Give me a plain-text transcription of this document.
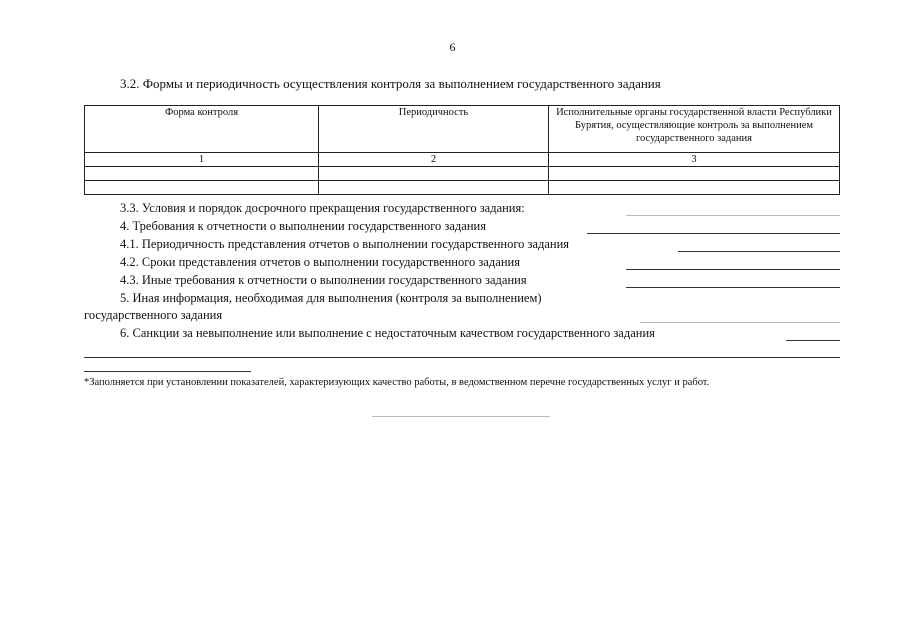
6
3.2. Формы и периодичность осуществления контроля за выполнением государственного задания
Форма контроля	Периодичность	Исполнительные органы государственной власти Республики Бурятия, осуществляющие контроль за выполнением государственного задания
1	2	3

3.3. Условия и порядок досрочного прекращения государственного задания:
4. Требования к отчетности о выполнении государственного задания
4.1. Периодичность представления отчетов о выполнении государственного задания
4.2. Сроки представления отчетов о выполнении государственного задания
4.3. Иные требования к отчетности о выполнении государственного задания
5. Иная информация, необходимая для выполнения (контроля за выполнением)
государственного задания
6. Санкции за невыполнение или выполнение с недостаточным качеством государственного задания
*Заполняется при установлении показателей, характеризующих качество работы, в ведомственном перечне государственных услуг и работ.
